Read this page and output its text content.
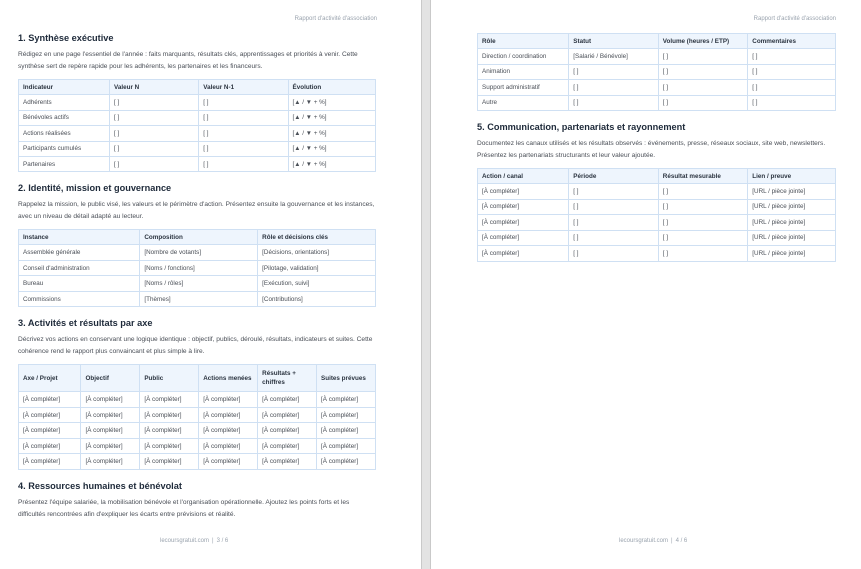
Rapport d'activité d'association
1. Synthèse exécutive

Rédigez en une page l'essentiel de l'année : faits marquants, résultats clés, apprentissages et priorités à venir. Cette synthèse sert de repère rapide pour les adhérents, les partenaires et les financeurs.

Indicateur	Valeur N	Valeur N-1	Évolution
Adhérents	[ ]	[ ]	[▲ / ▼ + %]
Bénévoles actifs	[ ]	[ ]	[▲ / ▼ + %]
Actions réalisées	[ ]	[ ]	[▲ / ▼ + %]
Participants cumulés	[ ]	[ ]	[▲ / ▼ + %]
Partenaires	[ ]	[ ]	[▲ / ▼ + %]
2. Identité, mission et gouvernance

Rappelez la mission, le public visé, les valeurs et le périmètre d'action. Présentez ensuite la gouvernance et les instances, avec un niveau de détail adapté au lecteur.

Instance	Composition	Rôle et décisions clés
Assemblée générale	[Nombre de votants]	[Décisions, orientations]
Conseil d'administration	[Noms / fonctions]	[Pilotage, validation]
Bureau	[Noms / rôles]	[Exécution, suivi]
Commissions	[Thèmes]	[Contributions]
3. Activités et résultats par axe

Décrivez vos actions en conservant une logique identique : objectif, publics, déroulé, résultats, indicateurs et suites. Cette cohérence rend le rapport plus convaincant et plus simple à lire.

Axe / Projet	Objectif	Public	Actions menées	Résultats + chiffres	Suites prévues
[À compléter]	[À compléter]	[À compléter]	[À compléter]	[À compléter]	[À compléter]
[À compléter]	[À compléter]	[À compléter]	[À compléter]	[À compléter]	[À compléter]
[À compléter]	[À compléter]	[À compléter]	[À compléter]	[À compléter]	[À compléter]
[À compléter]	[À compléter]	[À compléter]	[À compléter]	[À compléter]	[À compléter]
[À compléter]	[À compléter]	[À compléter]	[À compléter]	[À compléter]	[À compléter]
4. Ressources humaines et bénévolat

Présentez l'équipe salariée, la mobilisation bénévole et l'organisation opérationnelle. Ajoutez les points forts et les difficultés rencontrées afin d'expliquer les écarts entre prévisions et réalité.

lecoursgratuit.com | 3 / 6
Rapport d'activité d'association
Rôle	Statut	Volume (heures / ETP)	Commentaires
Direction / coordination	[Salarié / Bénévole]	[ ]	[ ]
Animation	[ ]	[ ]	[ ]
Support administratif	[ ]	[ ]	[ ]
Autre	[ ]	[ ]	[ ]
5. Communication, partenariats et rayonnement

Documentez les canaux utilisés et les résultats observés : événements, presse, réseaux sociaux, site web, newsletters. Présentez les partenariats structurants et leur valeur ajoutée.

Action / canal	Période	Résultat mesurable	Lien / preuve
[À compléter]	[ ]	[ ]	[URL / pièce jointe]
[À compléter]	[ ]	[ ]	[URL / pièce jointe]
[À compléter]	[ ]	[ ]	[URL / pièce jointe]
[À compléter]	[ ]	[ ]	[URL / pièce jointe]
[À compléter]	[ ]	[ ]	[URL / pièce jointe]
lecoursgratuit.com | 4 / 6
